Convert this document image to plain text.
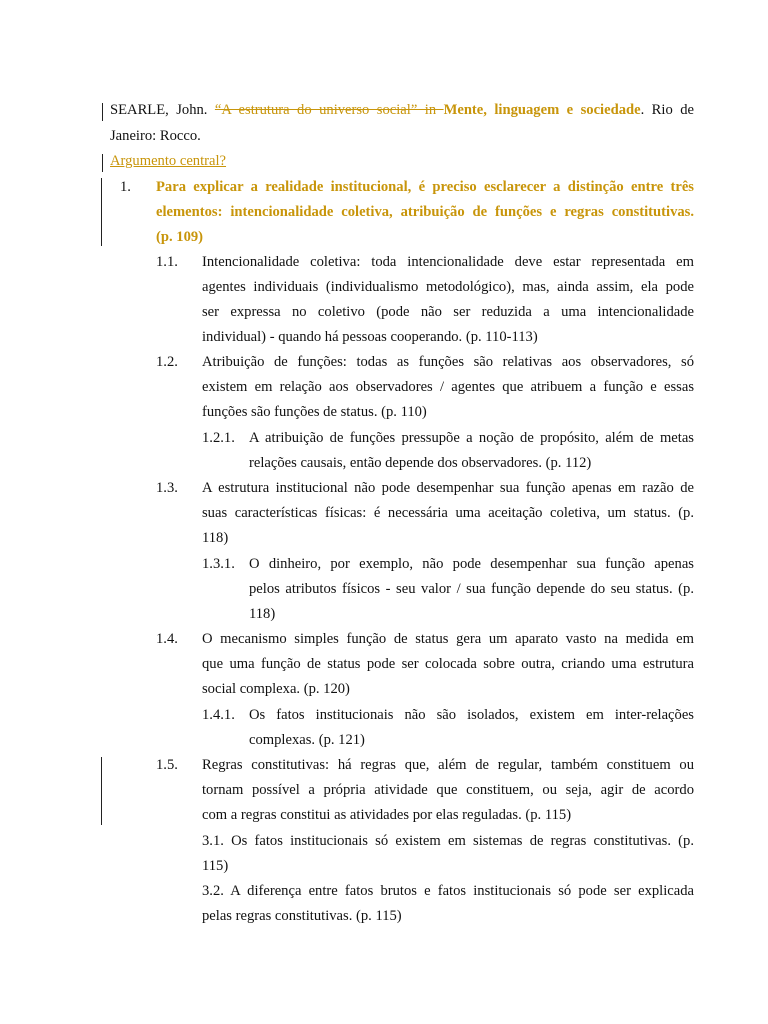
SEARLE, John. “A estrutura do universo social” in Mente, linguagem e sociedade. Rio de
Janeiro: Rocco.
Argumento central?
1. Para explicar a realidade institucional, é preciso esclarecer a distinção entre três
elementos: intencionalidade coletiva, atribuição de funções e regras constitutivas.
(p. 109)
1.1. Intencionalidade coletiva: toda intencionalidade deve estar representada em
agentes individuais (individualismo metodológico), mas, ainda assim, ela pode
ser expressa no coletivo (pode não ser reduzida a uma intencionalidade
individual) - quando há pessoas cooperando. (p. 110-113)
1.2. Atribuição de funções: todas as funções são relativas aos observadores, só
existem em relação aos observadores / agentes que atribuem a função e essas
funções são funções de status. (p. 110)
1.2.1. A atribuição de funções pressupõe a noção de propósito, além de metas
relações causais, então depende dos observadores. (p. 112)
1.3. A estrutura institucional não pode desempenhar sua função apenas em razão de
suas características físicas: é necessária uma aceitação coletiva, um status. (p.
118)
1.3.1. O dinheiro, por exemplo, não pode desempenhar sua função apenas
pelos atributos físicos - seu valor / sua função depende do seu status. (p.
118)
1.4. O mecanismo simples função de status gera um aparato vasto na medida em
que uma função de status pode ser colocada sobre outra, criando uma estrutura
social complexa. (p. 120)
1.4.1. Os fatos institucionais não são isolados, existem em inter-relações
complexas. (p. 121)
1.5. Regras constitutivas: há regras que, além de regular, também constituem ou
tornam possível a própria atividade que constituem, ou seja, agir de acordo
com a regras constitui as atividades por elas reguladas. (p. 115)
3.1. Os fatos institucionais só existem em sistemas de regras constitutivas. (p.
115)
3.2. A diferença entre fatos brutos e fatos institucionais só pode ser explicada
pelas regras constitutivas. (p. 115)
